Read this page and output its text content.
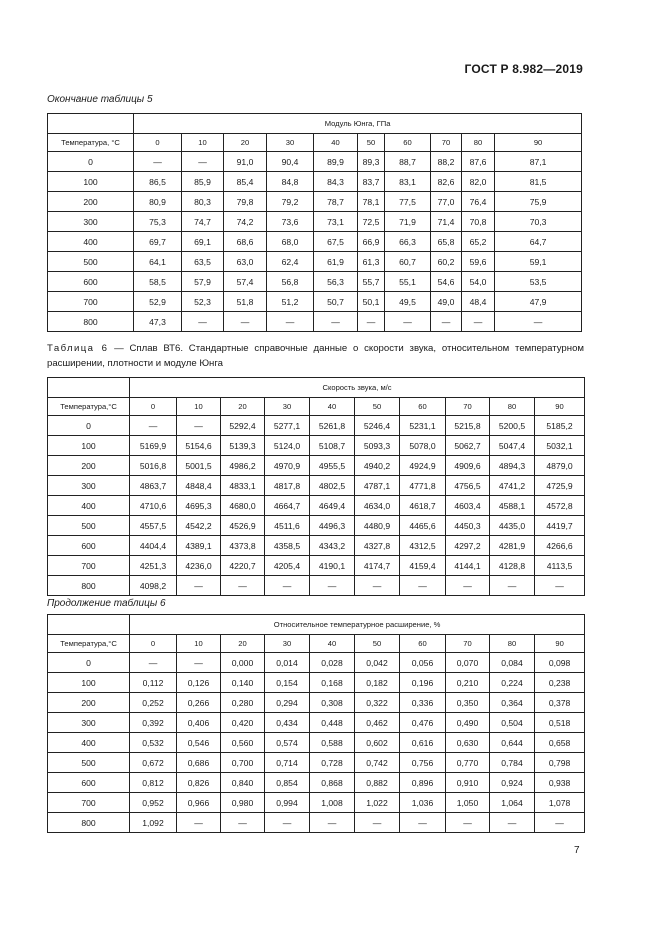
ГОСТ Р 8.982—2019
Окончание таблицы 5
	Модуль Юнга, ГПа									
Температура, °C	0	10	20	30	40	50	60	70	80	90
0	—	—	91,0	90,4	89,9	89,3	88,7	88,2	87,6	87,1
100	86,5	85,9	85,4	84,8	84,3	83,7	83,1	82,6	82,0	81,5
200	80,9	80,3	79,8	79,2	78,7	78,1	77,5	77,0	76,4	75,9
300	75,3	74,7	74,2	73,6	73,1	72,5	71,9	71,4	70,8	70,3
400	69,7	69,1	68,6	68,0	67,5	66,9	66,3	65,8	65,2	64,7
500	64,1	63,5	63,0	62,4	61,9	61,3	60,7	60,2	59,6	59,1
600	58,5	57,9	57,4	56,8	56,3	55,7	55,1	54,6	54,0	53,5
700	52,9	52,3	51,8	51,2	50,7	50,1	49,5	49,0	48,4	47,9
800	47,3	—	—	—	—	—	—	—	—	—
Таблица 6 — Сплав ВТ6. Стандартные справочные данные о скорости звука, относительном температурном расширении, плотности и модуле Юнга
	Скорость звука, м/с									
Температура,°C	0	10	20	30	40	50	60	70	80	90
0	—	—	5292,4	5277,1	5261,8	5246,4	5231,1	5215,8	5200,5	5185,2
100	5169,9	5154,6	5139,3	5124,0	5108,7	5093,3	5078,0	5062,7	5047,4	5032,1
200	5016,8	5001,5	4986,2	4970,9	4955,5	4940,2	4924,9	4909,6	4894,3	4879,0
300	4863,7	4848,4	4833,1	4817,8	4802,5	4787,1	4771,8	4756,5	4741,2	4725,9
400	4710,6	4695,3	4680,0	4664,7	4649,4	4634,0	4618,7	4603,4	4588,1	4572,8
500	4557,5	4542,2	4526,9	4511,6	4496,3	4480,9	4465,6	4450,3	4435,0	4419,7
600	4404,4	4389,1	4373,8	4358,5	4343,2	4327,8	4312,5	4297,2	4281,9	4266,6
700	4251,3	4236,0	4220,7	4205,4	4190,1	4174,7	4159,4	4144,1	4128,8	4113,5
800	4098,2	—	—	—	—	—	—	—	—	—
Продолжение таблицы 6
	Относительное температурное расширение, %									
Температура,°C	0	10	20	30	40	50	60	70	80	90
0	—	—	0,000	0,014	0,028	0,042	0,056	0,070	0,084	0,098
100	0,112	0,126	0,140	0,154	0,168	0,182	0,196	0,210	0,224	0,238
200	0,252	0,266	0,280	0,294	0,308	0,322	0,336	0,350	0,364	0,378
300	0,392	0,406	0,420	0,434	0,448	0,462	0,476	0,490	0,504	0,518
400	0,532	0,546	0,560	0,574	0,588	0,602	0,616	0,630	0,644	0,658
500	0,672	0,686	0,700	0,714	0,728	0,742	0,756	0,770	0,784	0,798
600	0,812	0,826	0,840	0,854	0,868	0,882	0,896	0,910	0,924	0,938
700	0,952	0,966	0,980	0,994	1,008	1,022	1,036	1,050	1,064	1,078
800	1,092	—	—	—	—	—	—	—	—	—
7
